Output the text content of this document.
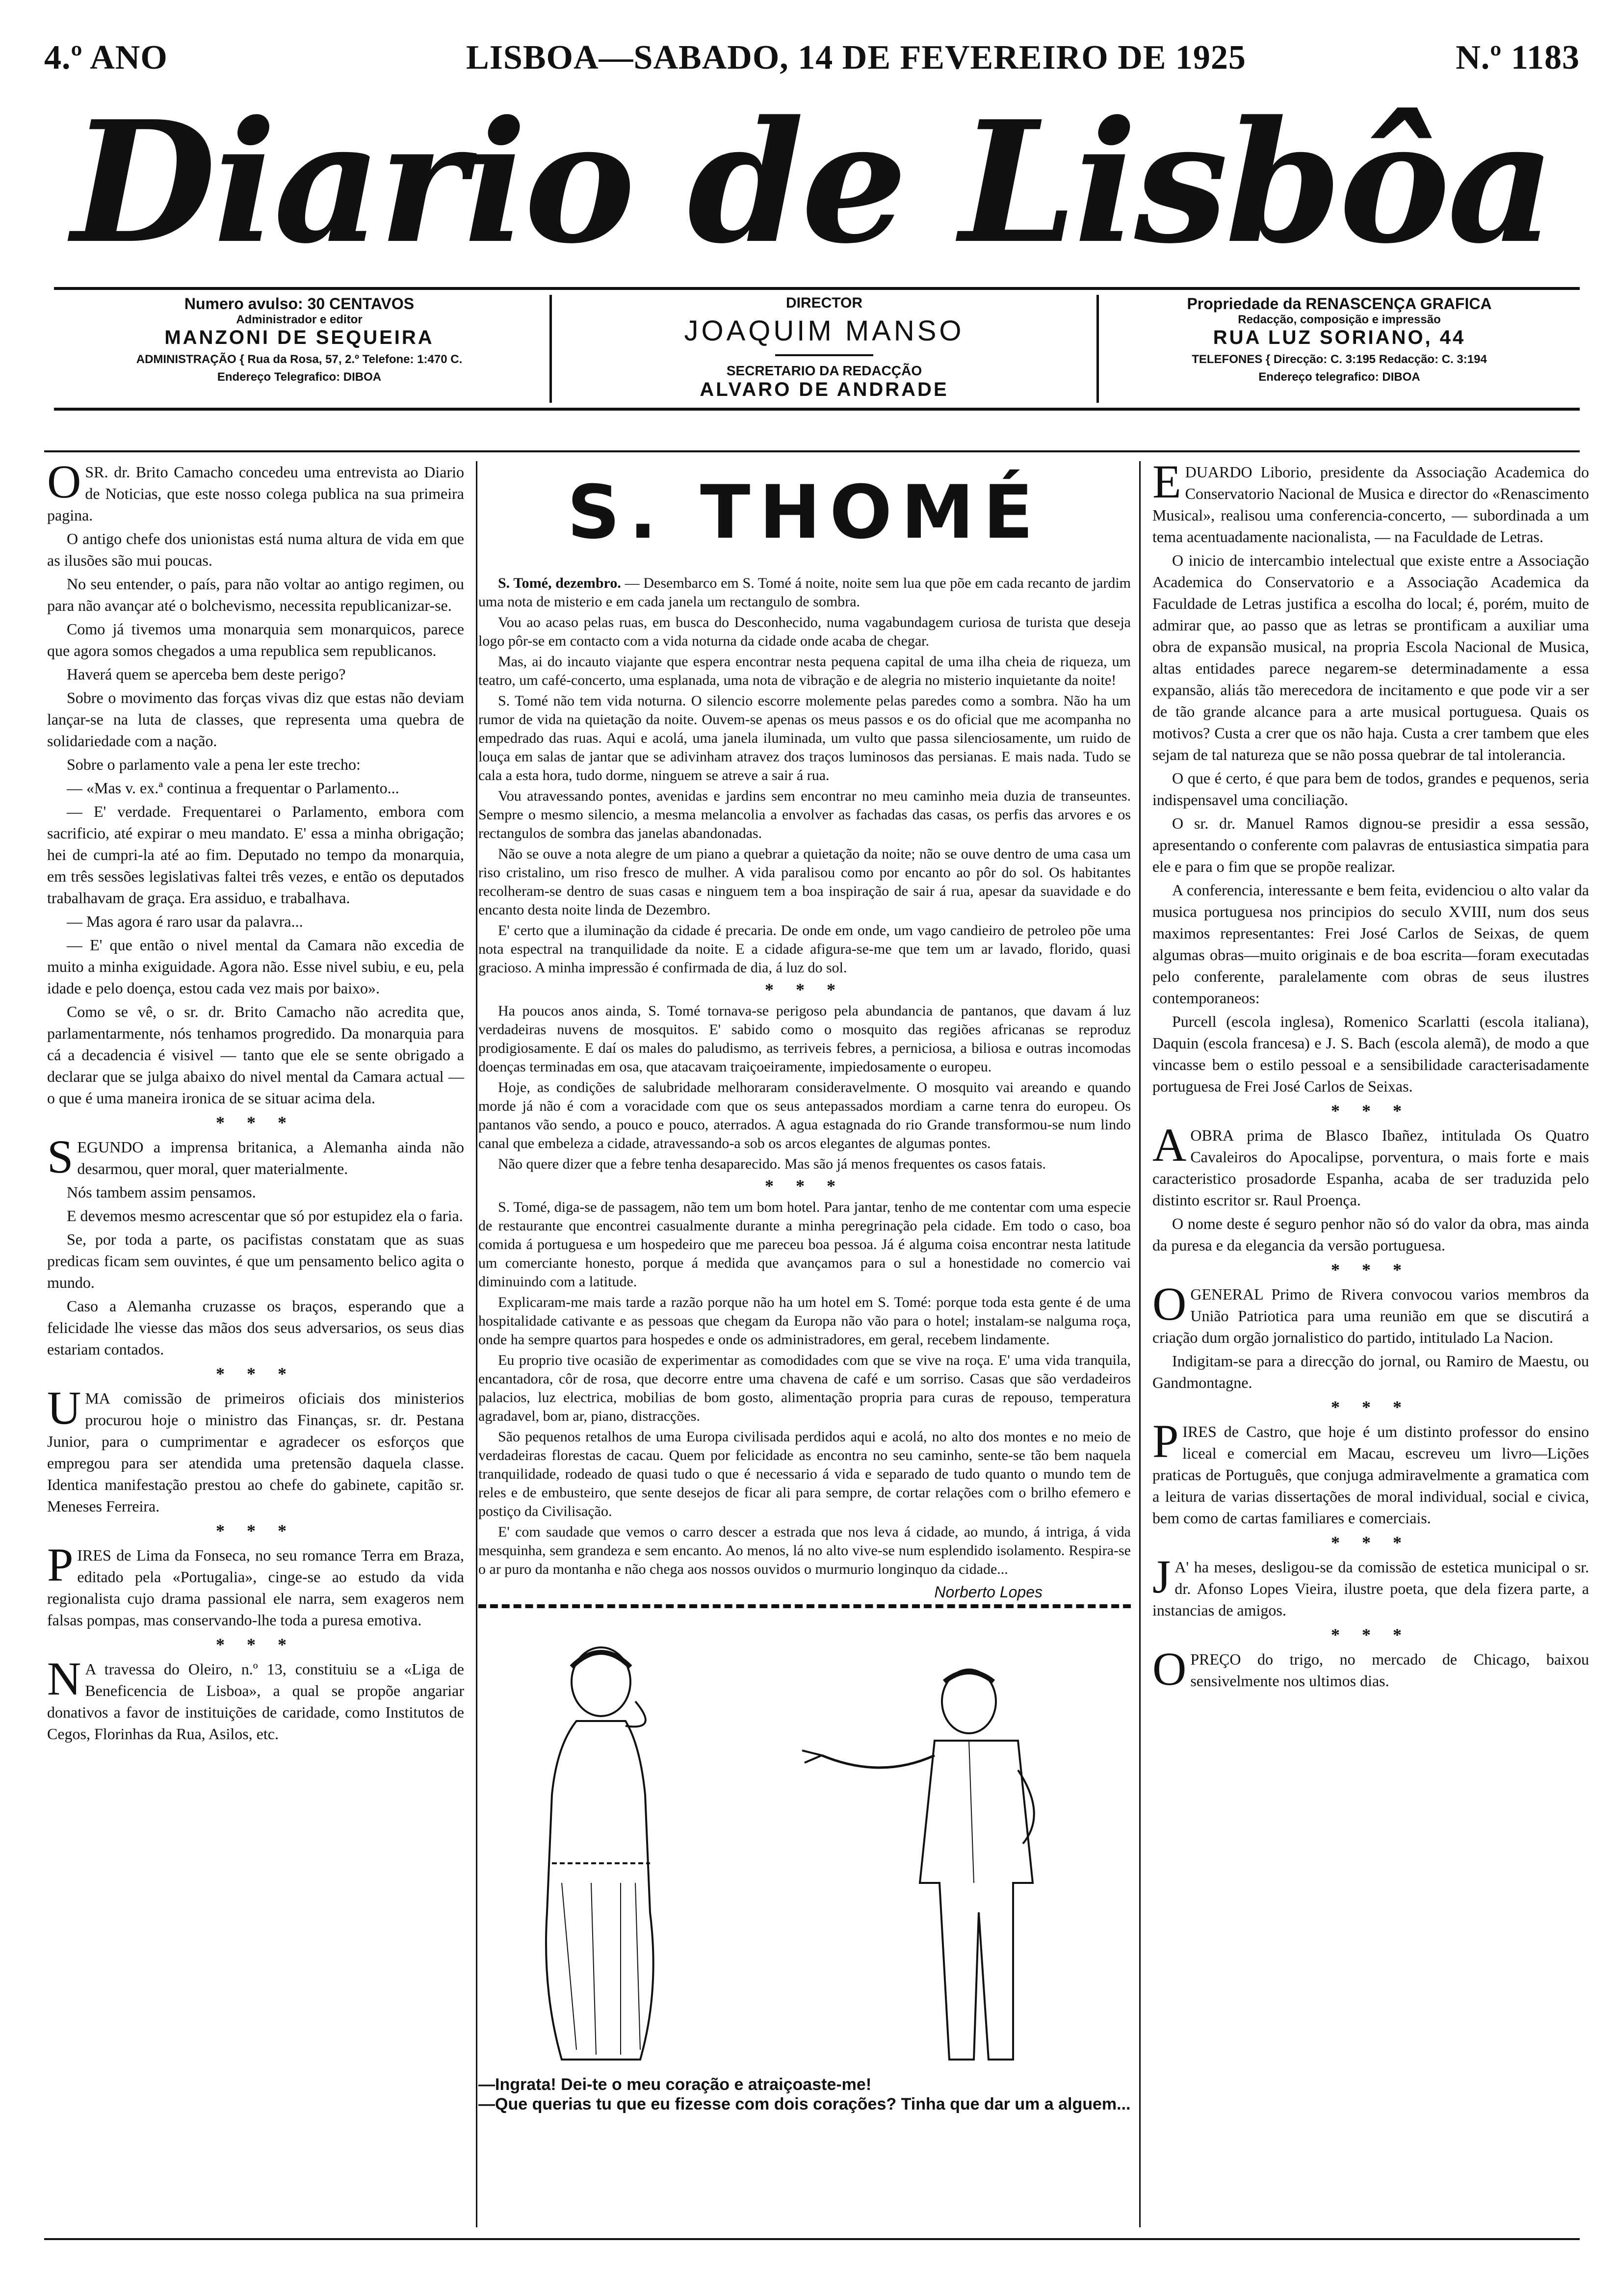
4.º ANO	LISBOA—SABADO, 14 DE FEVEREIRO DE 1925	N.º 1183
Diario de Lisbôa
Numero avulso: 30 CENTAVOS
Administrador e editor
MANZONI DE SEQUEIRA
ADMINISTRAÇÃO { Rua da Rosa, 57, 2.º Telefone: 1:470 C.
Endereço Telegrafico: DIBOA
DIRECTOR
JOAQUIM MANSO
SECRETARIO DA REDACÇÃO
ALVARO DE ANDRADE
Propriedade da RENASCENÇA GRAFICA
Redacção, composição e impressão
RUA LUZ SORIANO, 44
TELEFONES { Direcção: C. 3:195 Redacção: C. 3:194
Endereço telegrafico: DIBOA

OSR. dr. Brito Camacho concedeu uma entrevista ao Diario de Noticias, que este nosso colega publica na sua primeira pagina.

O antigo chefe dos unionistas está numa altura de vida em que as ilusões são mui poucas.

No seu entender, o país, para não voltar ao antigo regimen, ou para não avançar até o bolchevismo, necessita republicanizar-se.

Como já tivemos uma monarquia sem monarquicos, parece que agora somos chegados a uma republica sem republicanos.

Haverá quem se aperceba bem deste perigo?

Sobre o movimento das forças vivas diz que estas não deviam lançar-se na luta de classes, que representa uma quebra de solidariedade com a nação.

Sobre o parlamento vale a pena ler este trecho:

— «Mas v. ex.ª continua a frequentar o Parlamento...

— E' verdade. Frequentarei o Parlamento, embora com sacrificio, até expirar o meu mandato. E' essa a minha obrigação; hei de cumpri-la até ao fim. Deputado no tempo da monarquia, em três sessões legislativas faltei três vezes, e então os deputados trabalhavam de graça. Era assiduo, e trabalhava.

— Mas agora é raro usar da palavra...

— E' que então o nivel mental da Camara não excedia de muito a minha exiguidade. Agora não. Esse nivel subiu, e eu, pela idade e pelo doença, estou cada vez mais por baixo».

Como se vê, o sr. dr. Brito Camacho não acredita que, parlamentarmente, nós tenhamos progredido. Da monarquia para cá a decadencia é visivel — tanto que ele se sente obrigado a declarar que se julga abaixo do nivel mental da Camara actual — o que é uma maneira ironica de se situar acima dela.

* * *

SEGUNDO a imprensa britanica, a Alemanha ainda não desarmou, quer moral, quer materialmente.

Nós tambem assim pensamos.

E devemos mesmo acrescentar que só por estupidez ela o faria.

Se, por toda a parte, os pacifistas constatam que as suas predicas ficam sem ouvintes, é que um pensamento belico agita o mundo.

Caso a Alemanha cruzasse os braços, esperando que a felicidade lhe viesse das mãos dos seus adversarios, os seus dias estariam contados.

* * *

UMA comissão de primeiros oficiais dos ministerios procurou hoje o ministro das Finanças, sr. dr. Pestana Junior, para o cumprimentar e agradecer os esforços que empregou para ser atendida uma pretensão daquela classe. Identica manifestação prestou ao chefe do gabinete, capitão sr. Meneses Ferreira.

* * *

PIRES de Lima da Fonseca, no seu romance Terra em Braza, editado pela «Portugalia», cinge-se ao estudo da vida regionalista cujo drama passional ele narra, sem exageros nem falsas pompas, mas conservando-lhe toda a puresa emotiva.

* * *

N A travessa do Oleiro, n.º 13, constituiu se a «Liga de Beneficencia de Lisboa», a qual se propõe angariar donativos a favor de instituições de caridade, como Institutos de Cegos, Florinhas da Rua, Asilos, etc.

S. THOMÉ

S. Tomé, dezembro. — Desembarco em S. Tomé á noite, noite sem lua que põe em cada recanto de jardim uma nota de misterio e em cada janela um rectangulo de sombra.

Vou ao acaso pelas ruas, em busca do Desconhecido, numa vagabundagem curiosa de turista que deseja logo pôr-se em contacto com a vida noturna da cidade onde acaba de chegar.

Mas, ai do incauto viajante que espera encontrar nesta pequena capital de uma ilha cheia de riqueza, um teatro, um café-concerto, uma esplanada, uma nota de vibração e de alegria no misterio inquietante da noite!

S. Tomé não tem vida noturna. O silencio escorre molemente pelas paredes como a sombra. Não ha um rumor de vida na quietação da noite. Ouvem-se apenas os meus passos e os do oficial que me acompanha no empedrado das ruas. Aqui e acolá, uma janela iluminada, um vulto que passa silenciosamente, um ruido de louça em salas de jantar que se adivinham atravez dos traços luminosos das persianas. E mais nada. Tudo se cala a esta hora, tudo dorme, ninguem se atreve a sair á rua.

Vou atravessando pontes, avenidas e jardins sem encontrar no meu caminho meia duzia de transeuntes. Sempre o mesmo silencio, a mesma melancolia a envolver as fachadas das casas, os perfis das arvores e os rectangulos de sombra das janelas abandonadas.

Não se ouve a nota alegre de um piano a quebrar a quietação da noite; não se ouve dentro de uma casa um riso cristalino, um riso fresco de mulher. A vida paralisou como por encanto ao pôr do sol. Os habitantes recolheram-se dentro de suas casas e ninguem tem a boa inspiração de sair á rua, apesar da suavidade e do encanto desta noite linda de Dezembro.

E' certo que a iluminação da cidade é precaria. De onde em onde, um vago candieiro de petroleo põe uma nota espectral na tranquilidade da noite. E a cidade afigura-se-me que tem um ar lavado, florido, quasi gracioso. A minha impressão é confirmada de dia, á luz do sol.

* * *

Ha poucos anos ainda, S. Tomé tornava-se perigoso pela abundancia de pantanos, que davam á luz verdadeiras nuvens de mosquitos. E' sabido como o mosquito das regiões africanas se reproduz prodigiosamente. E daí os males do paludismo, as terriveis febres, a perniciosa, a biliosa e outras incomodas doenças terminadas em osa, que atacavam traiçoeiramente, impiedosamente o europeu.

Hoje, as condições de salubridade melhoraram consideravelmente. O mosquito vai areando e quando morde já não é com a voracidade com que os seus antepassados mordiam a carne tenra do europeu. Os pantanos vão sendo, a pouco e pouco, aterrados. A agua estagnada do rio Grande transformou-se num lindo canal que embeleza a cidade, atravessando-a sob os arcos elegantes de algumas pontes.

Não quere dizer que a febre tenha desaparecido. Mas são já menos frequentes os casos fatais.

* * *

S. Tomé, diga-se de passagem, não tem um bom hotel. Para jantar, tenho de me contentar com uma especie de restaurante que encontrei casualmente durante a minha peregrinação pela cidade. Em todo o caso, boa comida á portuguesa e um hospedeiro que me pareceu boa pessoa. Já é alguma coisa encontrar nesta latitude um comerciante honesto, porque á medida que avançamos para o sul a honestidade no comercio vai diminuindo com a latitude.

Explicaram-me mais tarde a razão porque não ha um hotel em S. Tomé: porque toda esta gente é de uma hospitalidade cativante e as pessoas que chegam da Europa não vão para o hotel; instalam-se nalguma roça, onde ha sempre quartos para hospedes e onde os administradores, em geral, recebem lindamente.

Eu proprio tive ocasião de experimentar as comodidades com que se vive na roça. E' uma vida tranquila, encantadora, côr de rosa, que decorre entre uma chavena de café e um sorriso. Casas que são verdadeiros palacios, luz electrica, mobilias de bom gosto, alimentação propria para curas de repouso, temperatura agradavel, bom ar, piano, distracções.

São pequenos retalhos de uma Europa civilisada perdidos aqui e acolá, no alto dos montes e no meio de verdadeiras florestas de cacau. Quem por felicidade as encontra no seu caminho, sente-se tão bem naquela tranquilidade, rodeado de quasi tudo o que é necessario á vida e separado de tudo quanto o mundo tem de reles e de embusteiro, que sente desejos de ficar ali para sempre, de cortar relações com o brilho efemero e postiço da Civilisação.

E' com saudade que vemos o carro descer a estrada que nos leva á cidade, ao mundo, á intriga, á vida mesquinha, sem grandeza e sem encanto. Ao menos, lá no alto vive-se num esplendido isolamento. Respira-se o ar puro da montanha e não chega aos nossos ouvidos o murmurio longinquo da cidade...

Norberto Lopes
—Ingrata! Dei-te o meu coração e atraiçoaste-me!
—Que querias tu que eu fizesse com dois corações? Tinha que dar um a alguem...

EDUARDO Liborio, presidente da Associação Academica do Conservatorio Nacional de Musica e director do «Renascimento Musical», realisou uma conferencia-concerto, — subordinada a um tema acentuadamente nacionalista, — na Faculdade de Letras.

O inicio de intercambio intelectual que existe entre a Associação Academica do Conservatorio e a Associação Academica da Faculdade de Letras justifica a escolha do local; é, porém, muito de admirar que, ao passo que as letras se prontificam a auxiliar uma obra de expansão musical, na propria Escola Nacional de Musica, altas entidades parece negarem-se determinadamente a essa expansão, aliás tão merecedora de incitamento e que pode vir a ser de tão grande alcance para a arte musical portuguesa. Quais os motivos? Custa a crer que os não haja. Custa a crer tambem que eles sejam de tal natureza que se não possa quebrar de tal intolerancia.

O que é certo, é que para bem de todos, grandes e pequenos, seria indispensavel uma conciliação.

O sr. dr. Manuel Ramos dignou-se presidir a essa sessão, apresentando o conferente com palavras de entusiastica simpatia para ele e para o fim que se propõe realizar.

A conferencia, interessante e bem feita, evidenciou o alto valar da musica portuguesa nos principios do seculo XVIII, num dos seus maximos representantes: Frei José Carlos de Seixas, de quem algumas obras—muito originais e de boa escrita—foram executadas pelo conferente, paralelamente com obras de seus ilustres contemporaneos:

Purcell (escola inglesa), Romenico Scarlatti (escola italiana), Daquin (escola francesa) e J. S. Bach (escola alemã), de modo a que vincasse bem o estilo pessoal e a sensibilidade caracterisadamente portuguesa de Frei José Carlos de Seixas.

* * *

AOBRA prima de Blasco Ibañez, intitulada Os Quatro Cavaleiros do Apocalipse, porventura, o mais forte e mais caracteristico prosadorde Espanha, acaba de ser traduzida pelo distinto escritor sr. Raul Proença.

O nome deste é seguro penhor não só do valor da obra, mas ainda da puresa e da elegancia da versão portuguesa.

* * *

OGENERAL Primo de Rivera convocou varios membros da União Patriotica para uma reunião em que se discutirá a criação dum orgão jornalistico do partido, intitulado La Nacion.

Indigitam-se para a direcção do jornal, ou Ramiro de Maestu, ou Gandmontagne.

* * *

PIRES de Castro, que hoje é um distinto professor do ensino liceal e comercial em Macau, escreveu um livro—Lições praticas de Português, que conjuga admiravelmente a gramatica com a leitura de varias dissertações de moral individual, social e civica, bem como de cartas familiares e comerciais.

* * *

J A' ha meses, desligou-se da comissão de estetica municipal o sr. dr. Afonso Lopes Vieira, ilustre poeta, que dela fizera parte, a instancias de amigos.

* * *

OPREÇO do trigo, no mercado de Chicago, baixou sensivelmente nos ultimos dias.
